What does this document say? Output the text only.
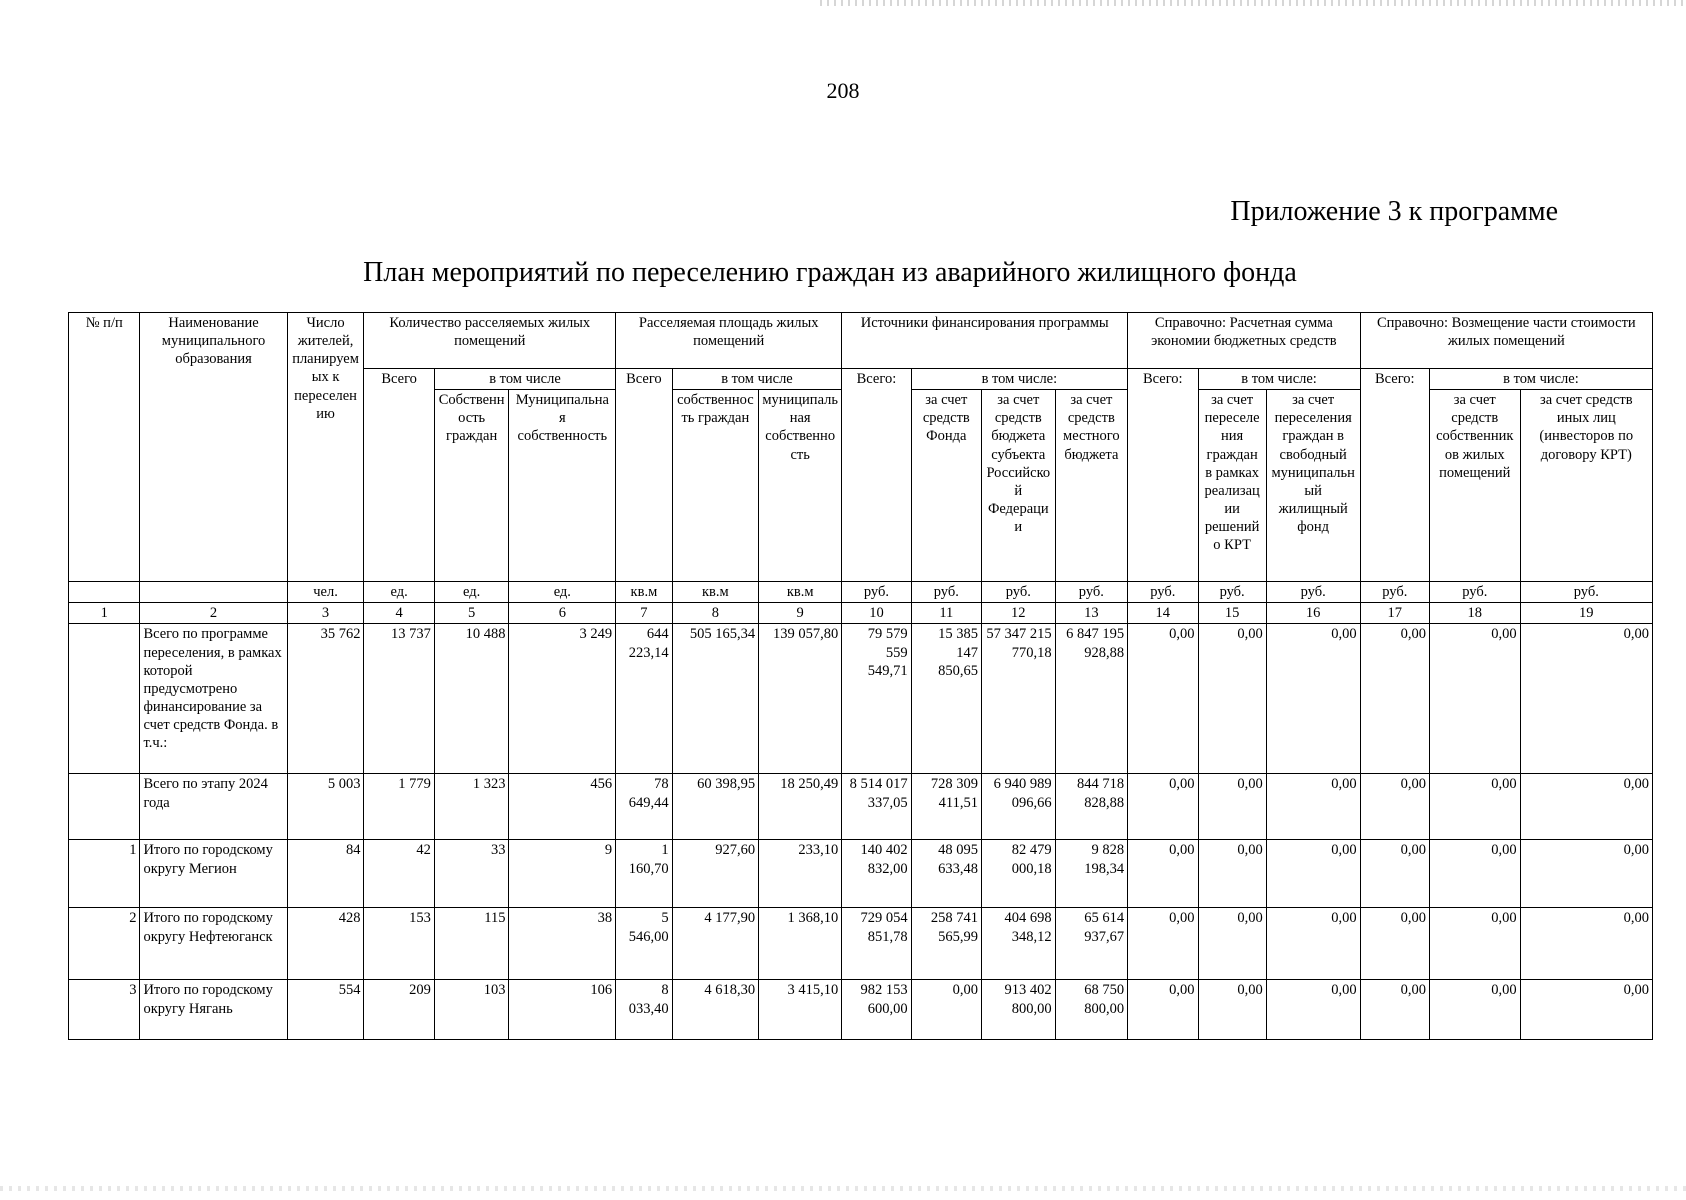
208
Приложение 3 к программе
План мероприятий по переселению граждан из аварийного жилищного фонда
№ п/п	Наименование муниципального образования	Число жителей, планируемых к переселению	Количество расселяемых жилых помещений			Расселяемая площадь жилых помещений			Источники финансирования программы				Справочно: Расчетная сумма экономии бюджетных средств			Справочно: Возмещение части стоимости жилых помещений		
			Всего	в том числе		Всего	в том числе		Всего:	в том числе:			Всего:	в том числе:		Всего:	в том числе:	
				Собственность граждан	Муниципальная собственность		собственность граждан	муниципальная собственность		за счет средств Фонда	за счет средств бюджета субъекта Российской Федерации	за счет средств местного бюджета		за счет переселения граждан в рамках реализации решений о КРТ	за счет переселения граждан в свободный муниципальный жилищный фонд		за счет средств собственников жилых помещений	за счет средств иных лиц (инвесторов по договору КРТ)
		чел.	ед.	ед.	ед.	кв.м	кв.м	кв.м	руб.	руб.	руб.	руб.	руб.	руб.	руб.	руб.	руб.	руб.
1	2	3	4	5	6	7	8	9	10	11	12	13	14	15	16	17	18	19
	Всего по программе переселения, в рамках которой предусмотрено финансирование за счет средств Фонда. в т.ч.:	35 762	13 737	10 488	3 249	644 223,14	505 165,34	139 057,80	79 579 559 549,71	15 385 147 850,65	57 347 215 770,18	6 847 195 928,88	0,00	0,00	0,00	0,00	0,00	0,00
	Всего по этапу 2024 года	5 003	1 779	1 323	456	78 649,44	60 398,95	18 250,49	8 514 017 337,05	728 309 411,51	6 940 989 096,66	844 718 828,88	0,00	0,00	0,00	0,00	0,00	0,00
1	Итого по городскому округу Мегион	84	42	33	9	1 160,70	927,60	233,10	140 402 832,00	48 095 633,48	82 479 000,18	9 828 198,34	0,00	0,00	0,00	0,00	0,00	0,00
2	Итого по городскому округу Нефтеюганск	428	153	115	38	5 546,00	4 177,90	1 368,10	729 054 851,78	258 741 565,99	404 698 348,12	65 614 937,67	0,00	0,00	0,00	0,00	0,00	0,00
3	Итого по городскому округу Нягань	554	209	103	106	8 033,40	4 618,30	3 415,10	982 153 600,00	0,00	913 402 800,00	68 750 800,00	0,00	0,00	0,00	0,00	0,00	0,00
